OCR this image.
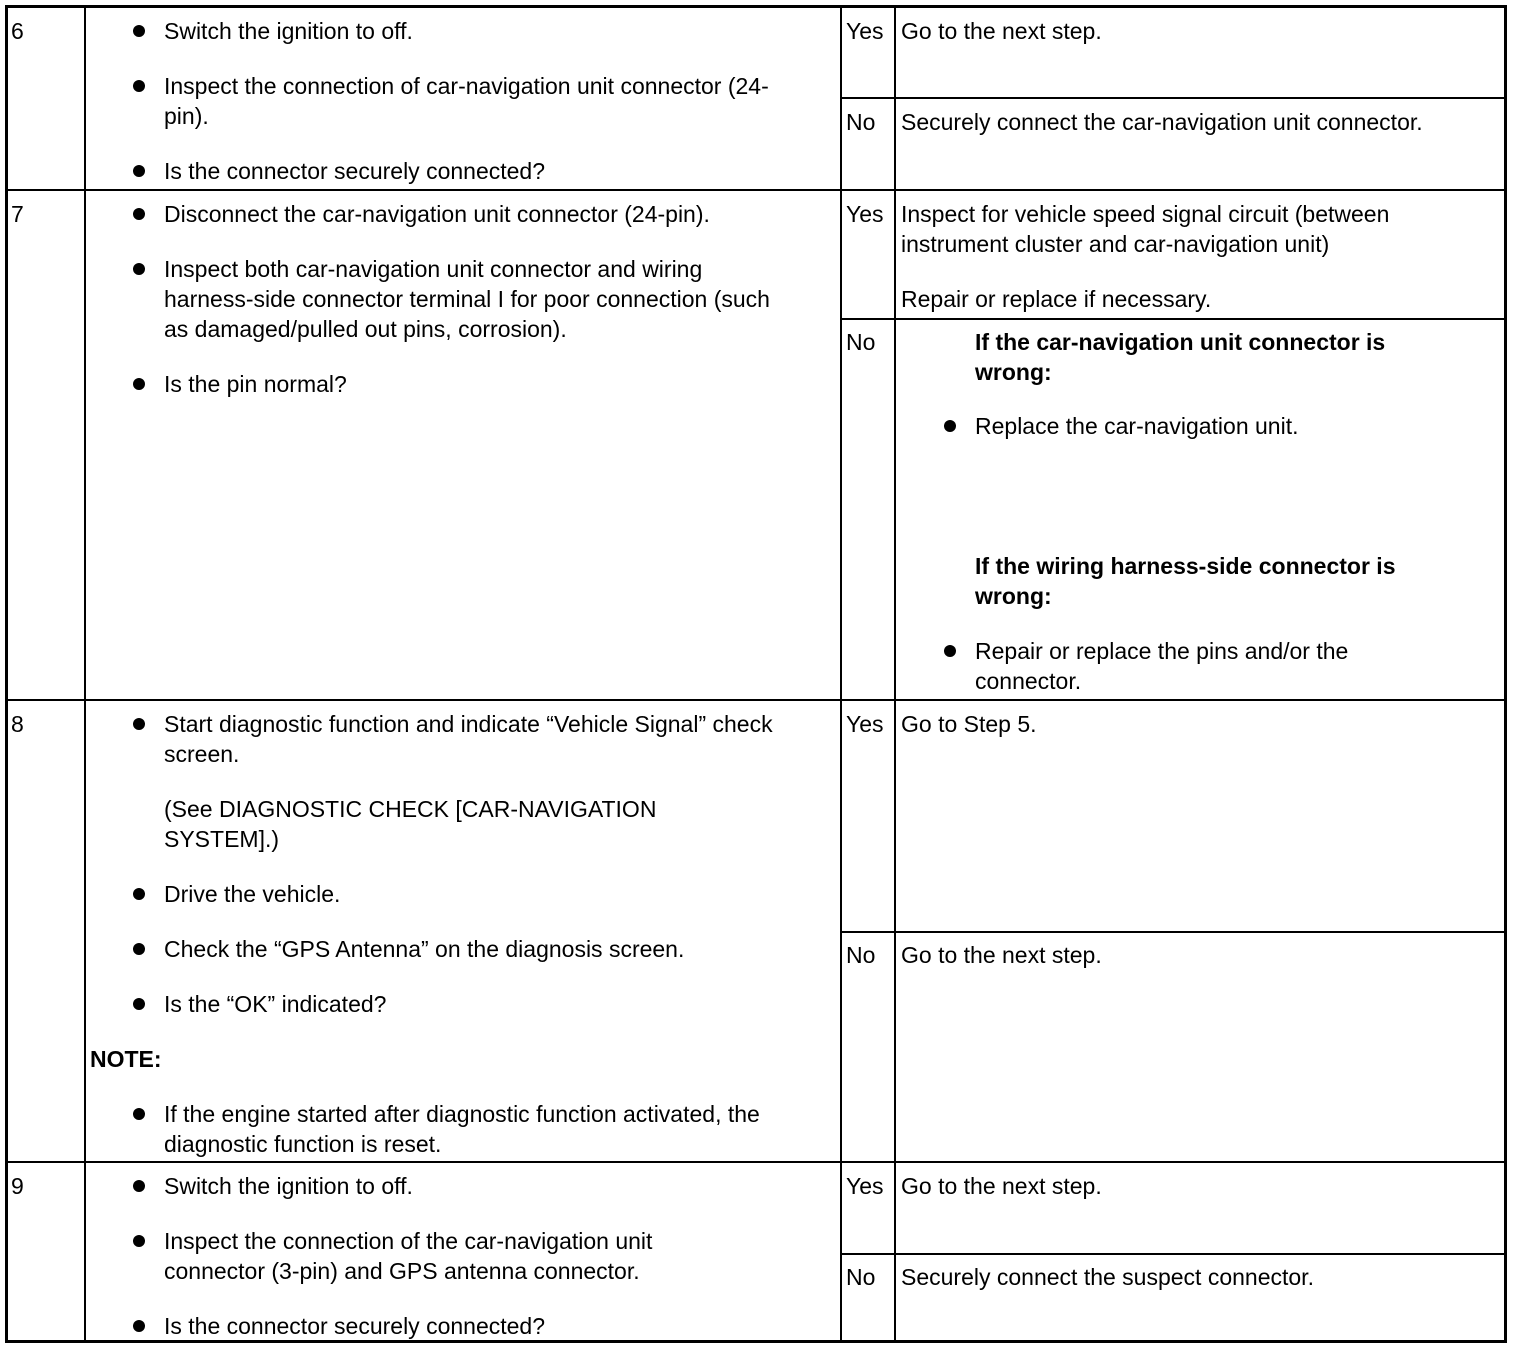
6	Switch the ignition to off.
Inspect the connection of car-navigation unit connector (24-pin).
Is the connector securely connected?
Yes Go to the next step.
No Securely connect the car-navigation unit connector.
7	Disconnect the car-navigation unit connector (24-pin).
Inspect both car-navigation unit connector and wiring harness-side connector terminal I for poor connection (such as damaged/pulled out pins, corrosion).
Is the pin normal?
Yes Inspect for vehicle speed signal circuit (between instrument cluster and car-navigation unit)
Repair or replace if necessary.
No	If the car-navigation unit connector is wrong:
Replace the car-navigation unit.
If the wiring harness-side connector is wrong:
Repair or replace the pins and/or the connector.
8	Start diagnostic function and indicate “Vehicle Signal” check screen.
(See DIAGNOSTIC CHECK [CAR-NAVIGATION SYSTEM].)
Drive the vehicle.
Check the “GPS Antenna” on the diagnosis screen.
Is the “OK” indicated?
NOTE:
If the engine started after diagnostic function activated, the diagnostic function is reset.
Yes Go to Step 5.
No Go to the next step.
9	Switch the ignition to off.
Inspect the connection of the car-navigation unit connector (3-pin) and GPS antenna connector.
Is the connector securely connected?
Yes Go to the next step.
No Securely connect the suspect connector.
